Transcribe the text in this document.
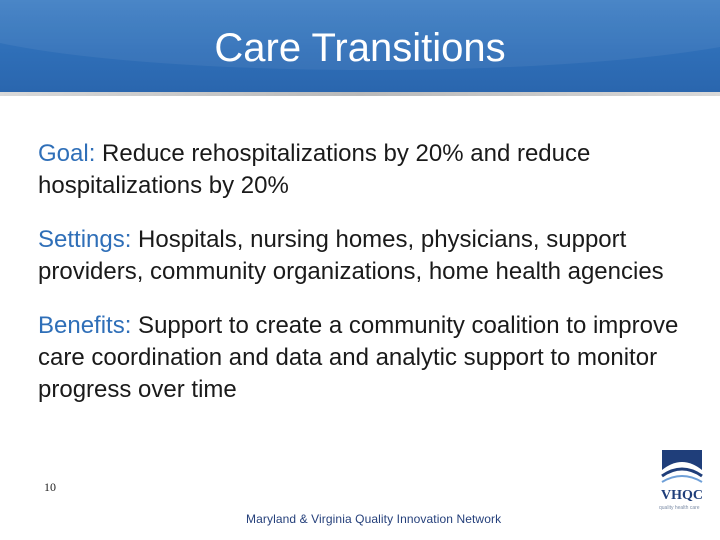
Care Transitions

Goal: Reduce rehospitalizations by 20% and reduce hospitalizations by 20%

Settings: Hospitals, nursing homes, physicians, support providers, community organizations, home health agencies

Benefits: Support to create a community coalition to improve care coordination and data and analytic support to monitor progress over time

10
Maryland & Virginia Quality Innovation Network
VHQC
quality health care
